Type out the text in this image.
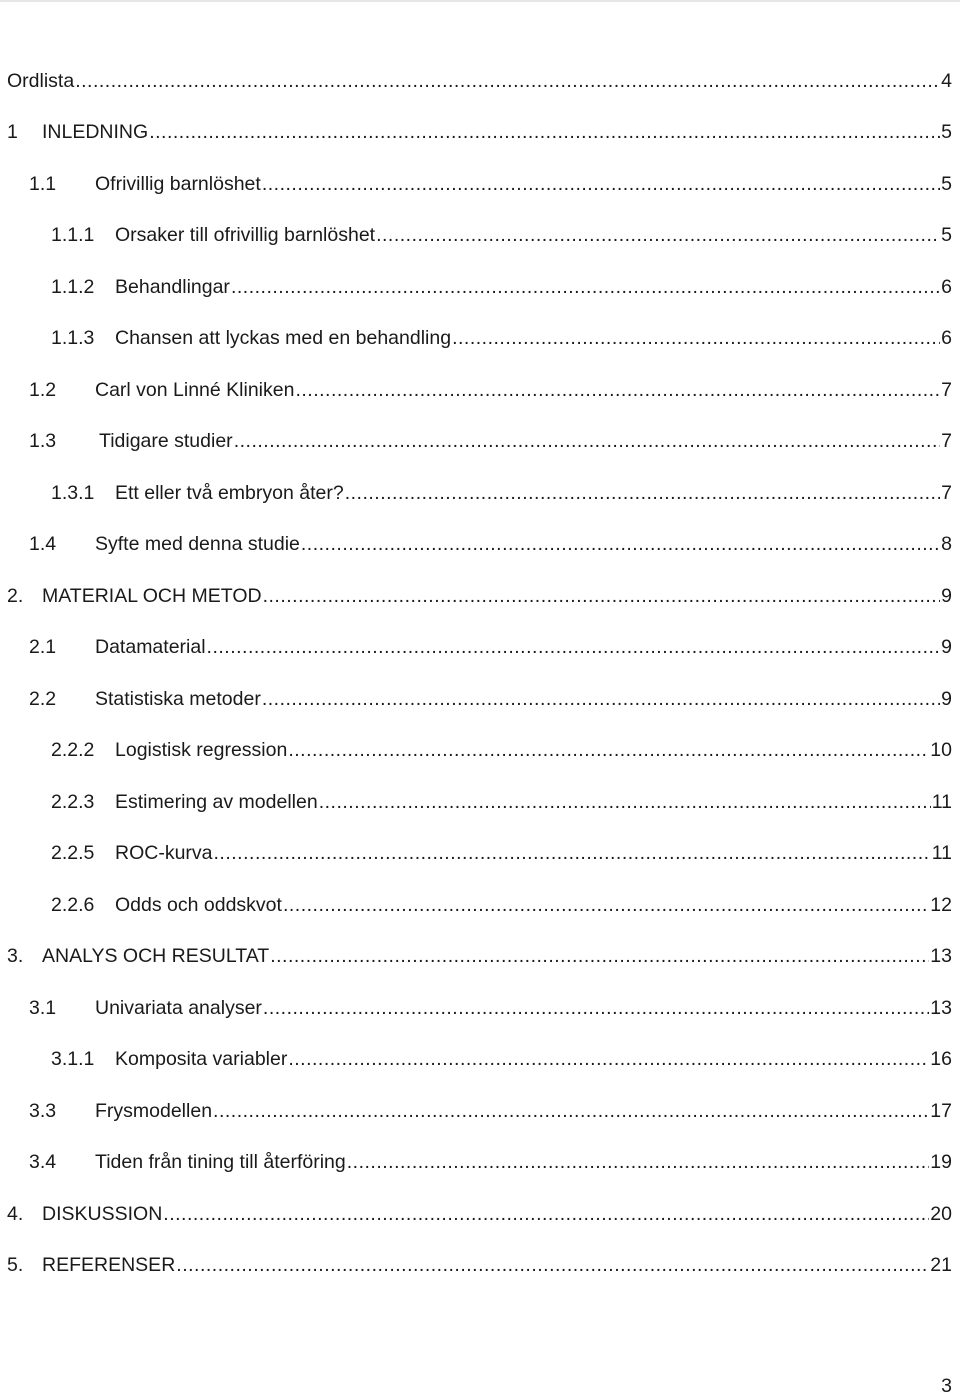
Ordlista .....	4
1	INLEDNING .....	5
1.1	Ofrivillig barnlöshet .....	5
1.1.1	Orsaker till ofrivillig barnlöshet .....	5
1.1.2	Behandlingar .....	6
1.1.3	Chansen att lyckas med en behandling .....	6
1.2	Carl von Linné Kliniken .....	7
1.3	Tidigare studier .....	7
1.3.1	Ett eller två embryon åter? .....	7
1.4	Syfte med denna studie .....	8
2. MATERIAL OCH METOD .....	9
2.1	Datamaterial .....	9
2.2	Statistiska metoder .....	9
2.2.2	Logistisk regression .....	10
2.2.3	Estimering av modellen .....	11
2.2.5	ROC-kurva .....	11
2.2.6	Odds och oddskvot .....	12
3. ANALYS OCH RESULTAT .....	13
3.1	Univariata analyser .....	13
3.1.1	Komposita variabler .....	16
3.3	Frysmodellen .....	17
3.4	Tiden från tining till återföring .....	19
4. DISKUSSION .....	20
5. REFERENSER .....	21
3
